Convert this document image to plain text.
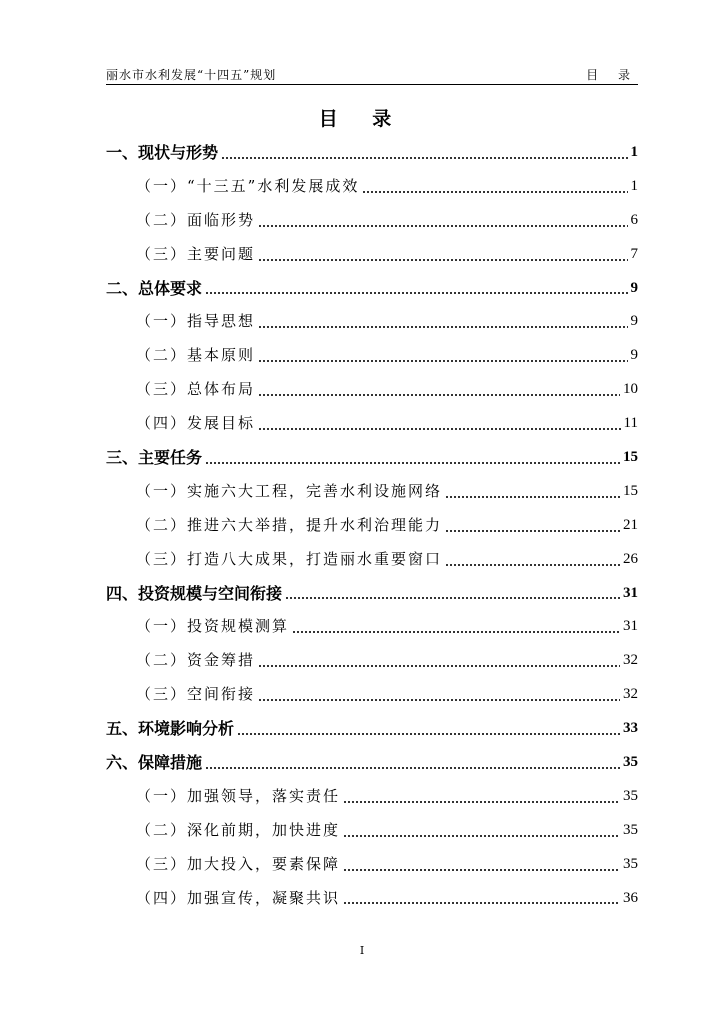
丽水市水利发展“十四五”规划	目 录
目 录
一、现状与形势	1
（一）“十三五”水利发展成效	1
（二）面临形势	6
（三）主要问题	7
二、总体要求	9
（一）指导思想	9
（二）基本原则	9
（三）总体布局	10
（四）发展目标	11
三、主要任务	15
（一）实施六大工程，完善水利设施网络	15
（二）推进六大举措，提升水利治理能力	21
（三）打造八大成果，打造丽水重要窗口	26
四、投资规模与空间衔接	31
（一）投资规模测算	31
（二）资金筹措	32
（三）空间衔接	32
五、环境影响分析	33
六、保障措施	35
（一）加强领导，落实责任	35
（二）深化前期，加快进度	35
（三）加大投入，要素保障	35
（四）加强宣传，凝聚共识	36
I
